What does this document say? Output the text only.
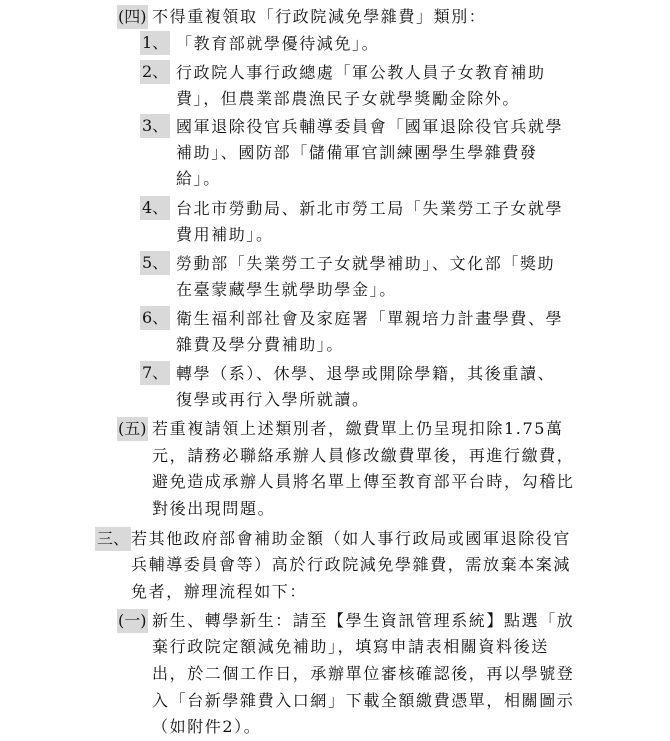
(四) 不得重複領取「行政院減免學雜費」類別：
1、 「教育部就學優待減免」。
2、 行政院人事行政總處「軍公教人員子女教育補助
費」，但農業部農漁民子女就學獎勵金除外。
3、 國軍退除役官兵輔導委員會「國軍退除役官兵就學
補助」、國防部「儲備軍官訓練團學生學雜費發
給」。
4、 台北市勞動局、新北市勞工局「失業勞工子女就學
費用補助」。
5、 勞動部「失業勞工子女就學補助」、文化部「獎助
在臺蒙藏學生就學助學金」。
6、 衛生福利部社會及家庭署「單親培力計畫學費、學
雜費及學分費補助」。
7、 轉學（系）、休學、退學或開除學籍，其後重讀、
復學或再行入學所就讀。
(五) 若重複請領上述類別者，繳費單上仍呈現扣除1.75萬
元，請務必聯絡承辦人員修改繳費單後，再進行繳費，
避免造成承辦人員將名單上傳至教育部平台時，勾稽比
對後出現問題。
三、 若其他政府部會補助金額（如人事行政局或國軍退除役官
兵輔導委員會等）高於行政院減免學雜費，需放棄本案減
免者，辦理流程如下：
(一) 新生、轉學新生：請至【學生資訊管理系統】點選「放
棄行政院定額減免補助」，填寫申請表相關資料後送
出，於二個工作日，承辦單位審核確認後，再以學號登
入「台新學雜費入口網」下載全額繳費憑單，相關圖示
（如附件2）。
